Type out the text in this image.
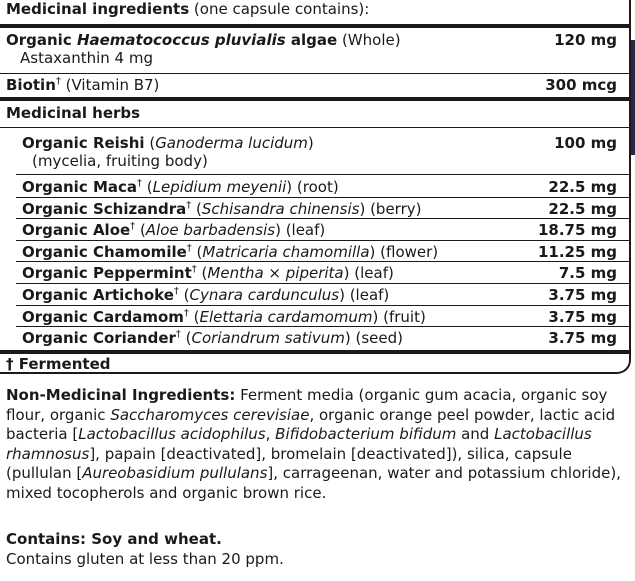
Medicinal ingredients (one capsule contains):
Organic Haematococcus pluvialis algae (Whole)	120 mg
Astaxanthin 4 mg
Biotin† (Vitamin B7)	300 mcg
Medicinal herbs
Organic Reishi (Ganoderma lucidum)	100 mg
(mycelia, fruiting body)
Organic Maca† (Lepidium meyenii) (root)	22.5 mg
Organic Schizandra† (Schisandra chinensis) (berry)	22.5 mg
Organic Aloe† (Aloe barbadensis) (leaf)	18.75 mg
Organic Chamomile† (Matricaria chamomilla) (flower)	11.25 mg
Organic Peppermint† (Mentha × piperita) (leaf)	7.5 mg
Organic Artichoke† (Cynara cardunculus) (leaf)	3.75 mg
Organic Cardamom† (Elettaria cardamomum) (fruit)	3.75 mg
Organic Coriander† (Coriandrum sativum) (seed)	3.75 mg
† Fermented
Non-Medicinal Ingredients: Ferment media (organic gum acacia, organic soy flour, organic Saccharomyces cerevisiae, organic orange peel powder, lactic acid bacteria [Lactobacillus acidophilus, Bifidobacterium bifidum and Lactobacillus rhamnosus], papain [deactivated], bromelain [deactivated]), silica, capsule (pullulan [Aureobasidium pullulans], carrageenan, water and potassium chloride), mixed tocopherols and organic brown rice.
Contains: Soy and wheat.
Contains gluten at less than 20 ppm.
